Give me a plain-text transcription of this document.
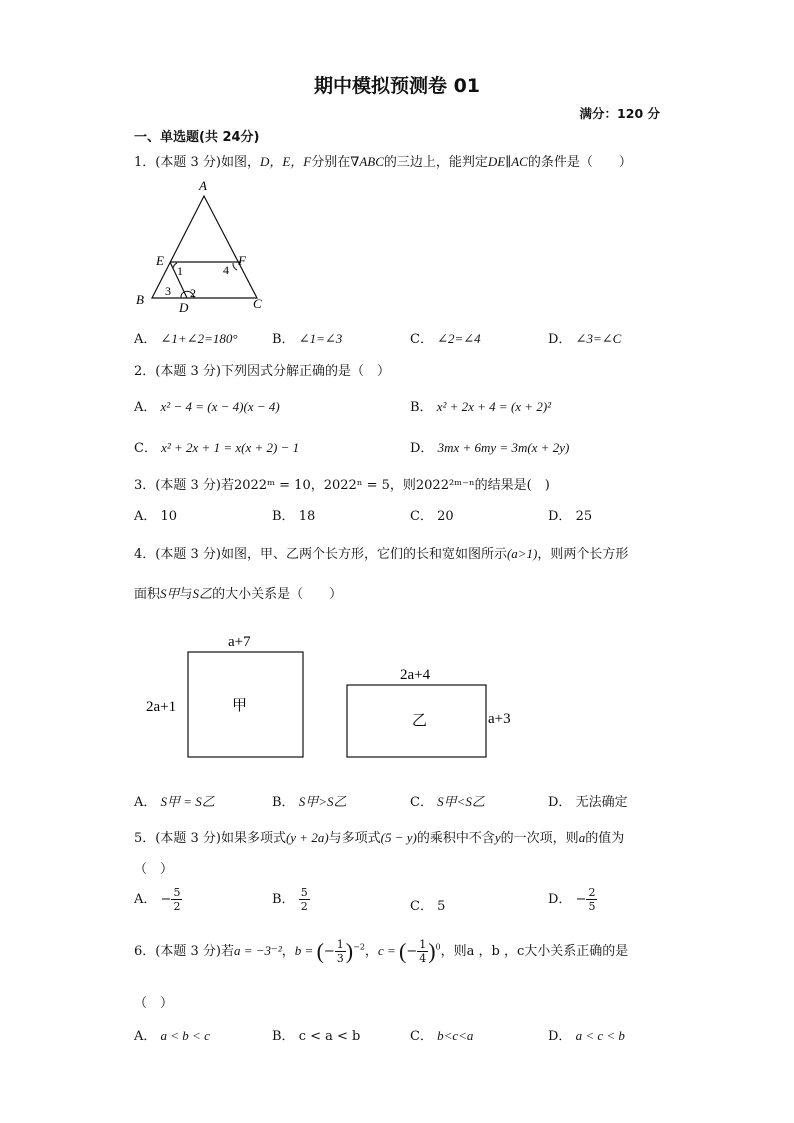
期中模拟预测卷 01
满分：120 分
一、单选题(共 24分)
1．(本题 3 分)如图，D，E，F分别在∇ABC的三边上，能判定DE∥AC的条件是（　　）
A
B	C
D
E	F
1
2
3
4
A． ∠1+∠2=180°	B． ∠1=∠3	C． ∠2=∠4	D． ∠3=∠C
2．(本题 3 分)下列因式分解正确的是（　）
A． x² − 4 = (x − 4)(x − 4)	B． x² + 2x + 4 = (x + 2)²
C． x² + 2x + 1 = x(x + 2) − 1	D． 3mx + 6my = 3m(x + 2y)
3．(本题 3 分)若2022ᵐ = 10，2022ⁿ = 5，则2022²ᵐ⁻ⁿ的结果是(　)
A． 10	B． 18	C． 20	D． 25
4．(本题 3 分)如图，甲、乙两个长方形，它们的长和宽如图所示(a>1)，则两个长方形
面积S甲与S乙的大小关系是（　　）
a+7
2a+1	甲
2a+4
a+3
乙
A． S甲 = S乙	B． S甲>S乙	C． S甲<S乙	D． 无法确定
5．(本题 3 分)如果多项式(y + 2a)与多项式(5 − y)的乘积中不含y的一次项，则a的值为
（　）
A． − $\frac{5}{2}$	B． $\frac{5}{2}$	C． 5	D． − $\frac{2}{5}$
6．(本题 3 分)若a = −3⁻²，b = (− $\frac{1}{3} )^{-2}$，c = (− $\frac{1}{4} )^0$，则a ，b ，c大小关系正确的是
（　）
A． a < b < c	B． c < a < b	C． b<c<a	D． a < c < b
